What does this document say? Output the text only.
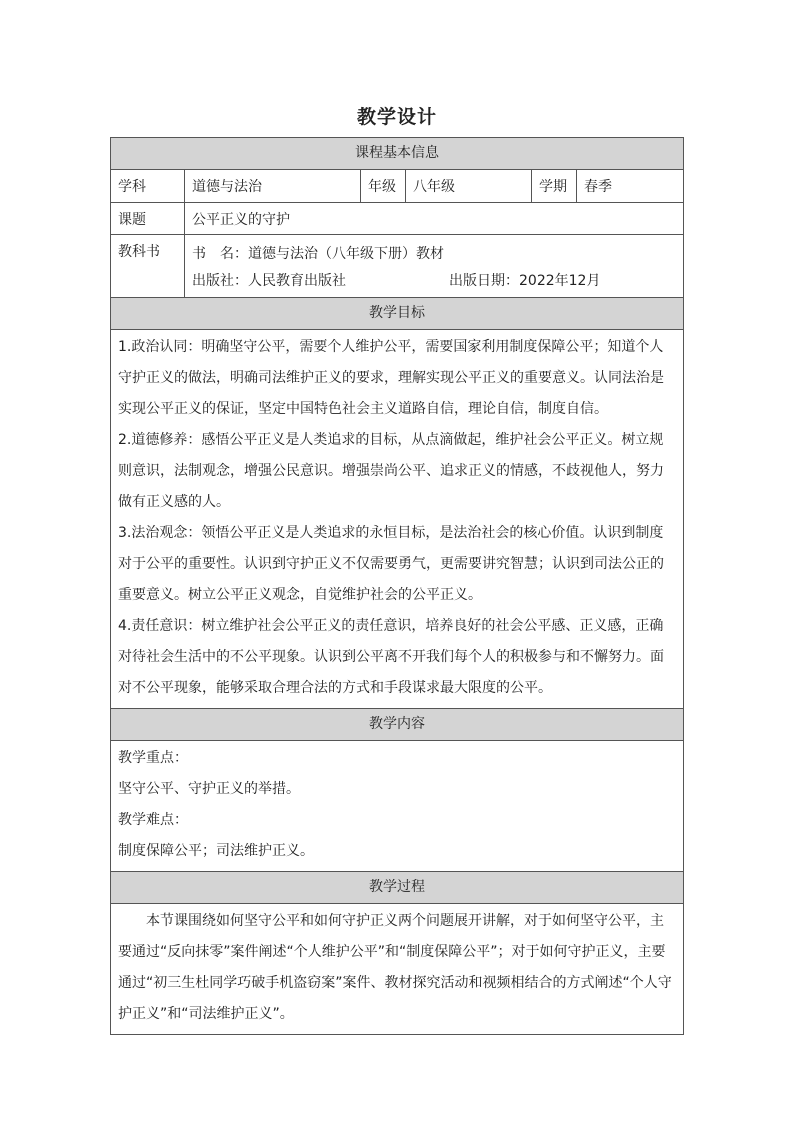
教学设计
课程基本信息
学科	道德与法治	年级	八年级	学期	春季
课题	公平正义的守护
教科书	书　名：道德与法治（八年级下册）教材
出版社：人民教育出版社	出版日期：2022年12月
教学目标

1.政治认同：明确坚守公平，需要个人维护公平，需要国家利用制度保障公平；知道个人守护正义的做法，明确司法维护正义的要求，理解实现公平正义的重要意义。认同法治是实现公平正义的保证，坚定中国特色社会主义道路自信，理论自信，制度自信。

2.道德修养：感悟公平正义是人类追求的目标，从点滴做起，维护社会公平正义。树立规则意识，法制观念，增强公民意识。增强崇尚公平、追求正义的情感，不歧视他人，努力做有正义感的人。

3.法治观念：领悟公平正义是人类追求的永恒目标，是法治社会的核心价值。认识到制度对于公平的重要性。认识到守护正义不仅需要勇气，更需要讲究智慧；认识到司法公正的重要意义。树立公平正义观念，自觉维护社会的公平正义。

4.责任意识：树立维护社会公平正义的责任意识，培养良好的社会公平感、正义感，正确对待社会生活中的不公平现象。认识到公平离不开我们每个人的积极参与和不懈努力。面对不公平现象，能够采取合理合法的方式和手段谋求最大限度的公平。

教学内容

教学重点：

坚守公平、守护正义的举措。

教学难点：

制度保障公平；司法维护正义。

教学过程

本节课围绕如何坚守公平和如何守护正义两个问题展开讲解，对于如何坚守公平，主要通过“反向抹零”案件阐述“个人维护公平”和“制度保障公平”；对于如何守护正义，主要通过“初三生杜同学巧破手机盗窃案”案件、教材探究活动和视频相结合的方式阐述“个人守护正义”和“司法维护正义”。
